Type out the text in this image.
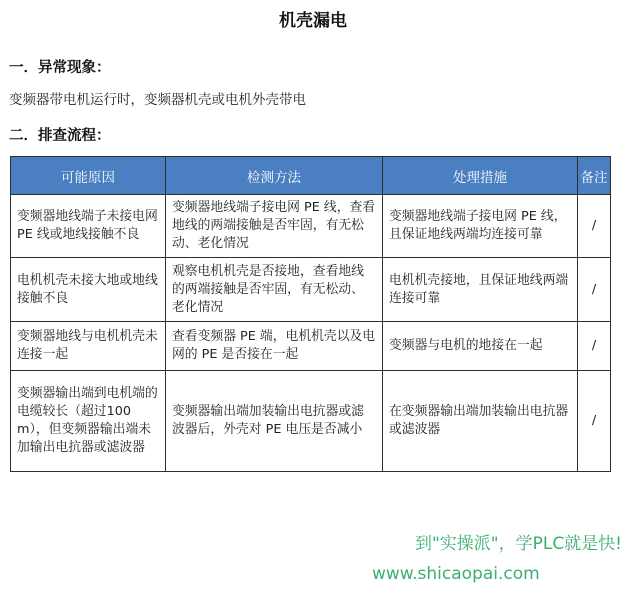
机壳漏电
一．异常现象：
变频器带电机运行时，变频器机壳或电机外壳带电
二．排查流程：
可能原因	检测方法	处理措施	备注
变频器地线端子未接电网 PE 线或地线接触不良	变频器地线端子接电网 PE 线，查看地线的两端接触是否牢固，有无松动、老化情况	变频器地线端子接电网 PE 线，且保证地线两端均连接可靠	/
电机机壳未接大地或地线接触不良	观察电机机壳是否接地，查看地线的两端接触是否牢固，有无松动、老化情况	电机机壳接地，且保证地线两端连接可靠	/
变频器地线与电机机壳未连接一起	查看变频器 PE 端，电机机壳以及电网的 PE 是否接在一起	变频器与电机的地接在一起	/
变频器输出端到电机端的电缆较长（超过100m），但变频器输出端未加输出电抗器或滤波器	变频器输出端加装输出电抗器或滤波器后，外壳对 PE 电压是否减小	在变频器输出端加装输出电抗器或滤波器	/
到"实操派"，学PLC就是快!
www.shicaopai.com
